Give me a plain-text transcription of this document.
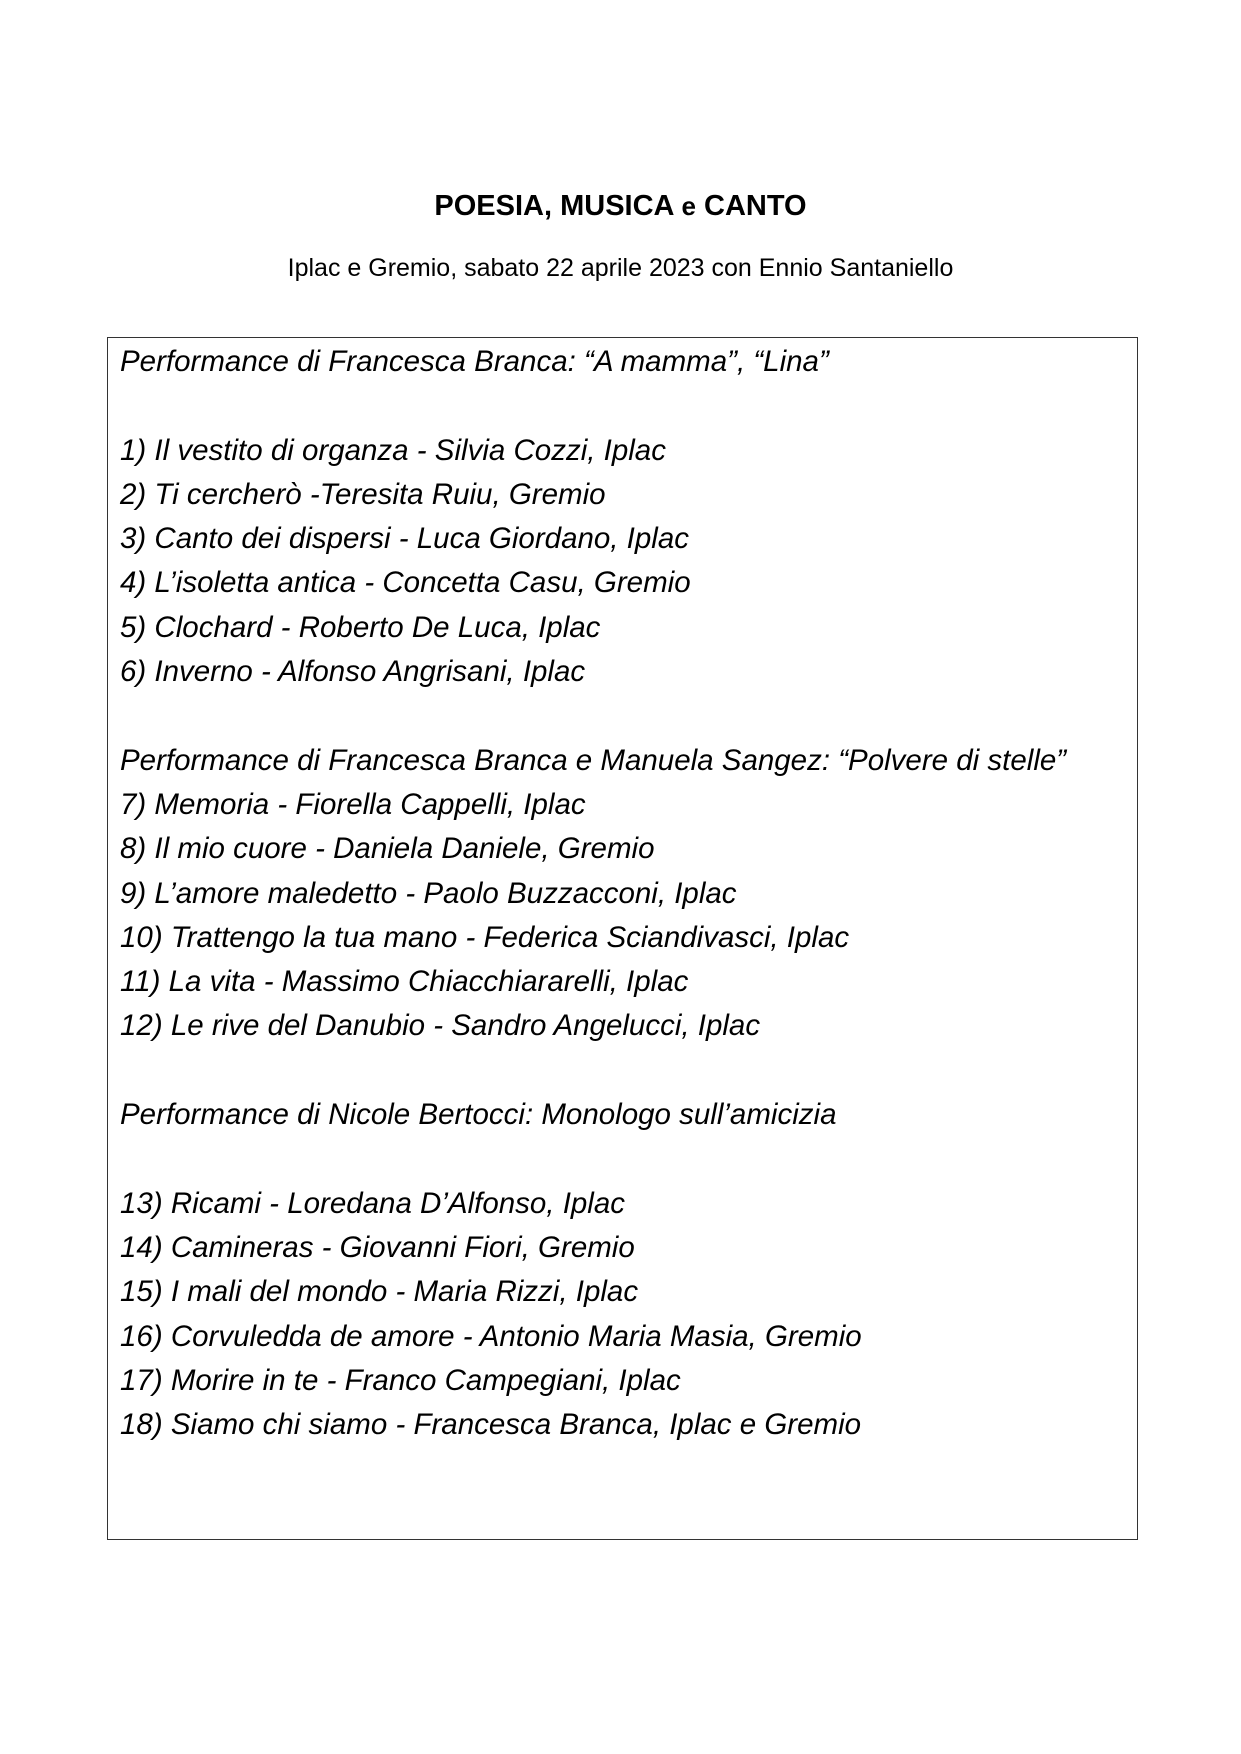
POESIA, MUSICA e CANTO

Iplac e Gremio, sabato 22 aprile 2023 con Ennio Santaniello

Performance di Francesca Branca: “A mamma”, “Lina”
1) Il vestito di organza - Silvia Cozzi, Iplac
2) Ti cercherò -Teresita Ruiu, Gremio
3) Canto dei dispersi - Luca Giordano, Iplac
4) L’isoletta antica - Concetta Casu, Gremio
5) Clochard - Roberto De Luca, Iplac
6) Inverno - Alfonso Angrisani, Iplac
Performance di Francesca Branca e Manuela Sangez: “Polvere di stelle”
7) Memoria - Fiorella Cappelli, Iplac
8) Il mio cuore - Daniela Daniele, Gremio
9) L’amore maledetto - Paolo Buzzacconi, Iplac
10) Trattengo la tua mano - Federica Sciandivasci, Iplac
11) La vita - Massimo Chiacchiararelli, Iplac
12) Le rive del Danubio - Sandro Angelucci, Iplac
Performance di Nicole Bertocci: Monologo sull’amicizia
13) Ricami - Loredana D’Alfonso, Iplac
14) Camineras - Giovanni Fiori, Gremio
15) I mali del mondo - Maria Rizzi, Iplac
16) Corvuledda de amore - Antonio Maria Masia, Gremio
17) Morire in te - Franco Campegiani, Iplac
18) Siamo chi siamo - Francesca Branca, Iplac e Gremio
